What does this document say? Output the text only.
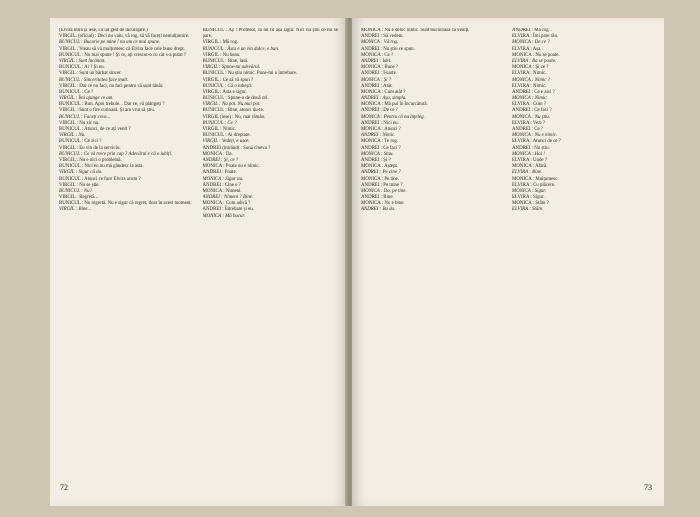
(Elvira intră și iese, cu un gest de incurajare.)

VIRGIL. (oficial) : Deci nu vaiu, vă rog, să vă faceți nemulțumire.

BUNICUL : Bucurie pe mine ! nu am ce mai spune.

VIRGIL : Vreau să vă mulțumesc că Elvira face cele bune drept.

BUNICUL : Nu mai spune ! Și ce, ați crescut-o cu cât s-a putut ?

VIRGIL : Sunt încântat.

BUNICUL : Ai ? Și eu.

VIRGIL : Sunt un bărbat sincer.

BUNICUL : Sinceritatea face mult.

VIRGIL : Dar ce nu faci, nu faci pentru că sunt tânăr.

BUNICUL : Ce ?

VIRGIL : Îmi ajunge ce am.

BUNICUL : Bun. Apoi trebuie... Dar ce, vă plângeți ?

VIRGIL : Sunt o fire curioasă. Și am vrut să știu.

BUNICUL : Faceți ceva...

VIRGIL : Nu zic nu.

BUNICUL : Atunci, de ce ați venit ?

VIRGIL : Nu.

BUNICUL : Ce zici ?

VIRGIL : Eu vin de la serviciu.

BUNICUL : Ce vă trece prin cap ? Adevărul e că o iubiți.

VIRGIL : Nu e nici o problemă.

BUNICUL : Nici eu nu mă gândesc la asta.

VIRGIL : Sigur că da.

BUNICUL : Atunci ce face Elvira acum ?

VIRGIL : Nu se știe.

BUNICUL : Nu?

VIRGIL : Regretă...

BUNICUL : Nu regretă. Nu e sigur că regret, doar în acest moment.

VIRGIL : Bine...

BUNICUL : Aș ! Profesor, să nu fii așa sigur. Nici nu știu ce mi se pare.

VIRGIL : Mă rog.

BUNICUL : Ăsta e un vin dulce, e bun.

VIRGIL : Nu beau.

BUNICUL : Bine, lasă.

VIRGIL : Spune-mi adevărul.

BUNICUL : Nu știu nimic. Pune-mi o întrebare.

VIRGIL : Ce să vă spun ?

BUNICUL : Că o iubești.

VIRGIL : Asta e sigur.

BUNICUL : Spune-o de două ori.

VIRGIL : Nu pot. Nu mai pot.

BUNICUL : Bine, atunci du-te.

VIRGIL (iese) : Nu, mai rămân.

BUNICUL : Ce ?

VIRGIL : Nimic.

BUNICUL : Ai dreptate.

VIRGIL : Vedeți, e ușor.

ANDREI (intrând) : Sună cineva ?

MONICA : Da.

ANDREI : Și, ce ?

MONICA : Poate nu e nimic.

ANDREI : Poate.

MONICA : Sigur nu.

ANDREI : Cine e ?

MONICA : Nimeni.

ANDREI : Nimeni ? Bine.

MONICA : Cum adică ?

ANDREI : Întrebam și eu.

MONICA : Mă bucur.

72

MONICA : Nu e deloc nimic. Sunt bucuroasă că veniți.

ANDREI : Să vedem.

MONICA : Vă rog.

ANDREI : Nu știu ce spun.

MONICA : Ce ?

ANDREI : Idei.

MONICA : Bune ?

ANDREI : Foarte.

MONICA : Și ?

ANDREI : Atât.

MONICA : Cum atât ?

ANDREI : Așa, simplu.

MONICA : Mă pui în încurcătură.

ANDREI : De ce ?

MONICA : Pentru că nu înțeleg.

ANDREI : Nici eu.

MONICA : Atunci ?

ANDREI : Nimic.

MONICA : Te rog.

ANDREI : Ce faci ?

MONICA : Stau.

ANDREI : Și ?

MONICA : Aștept.

ANDREI : Pe cine ?

MONICA : Pe tine.

ANDREI : Pe mine ?

MONICA : Da, pe tine.

ANDREI : Bine.

MONICA : Nu e bine.

ANDREI : Ba da.

ANDREI : Mă rog.

ELVIRA : Îmi pare rău.

MONICA : De ce ?

ELVIRA : Așa.

MONICA : Nu se poate.

ELVIRA : Ba se poate.

MONICA : Și ce ?

ELVIRA : Nimic.

MONICA : Nimic ?

ELVIRA : Nimic.

ANDREI : Ce e aici ?

MONICA : Nimic.

ELVIRA : Cum ?

ANDREI : Ce faci ?

MONICA : Nu știu.

ELVIRA : Vezi ?

ANDREI : Ce ?

MONICA : Nu e nimic.

ELVIRA : Atunci de ce ?

ANDREI : Nu știu.

MONICA : Hai !

ELVIRA : Unde ?

MONICA : Afară.

ELVIRA : Bine.

MONICA : Mulțumesc.

ELVIRA : Cu plăcere.

MONICA : Sigur.

ELVIRA : Sigur.

MONICA : Stăm ?

ELVIRA : Stăm.

73
